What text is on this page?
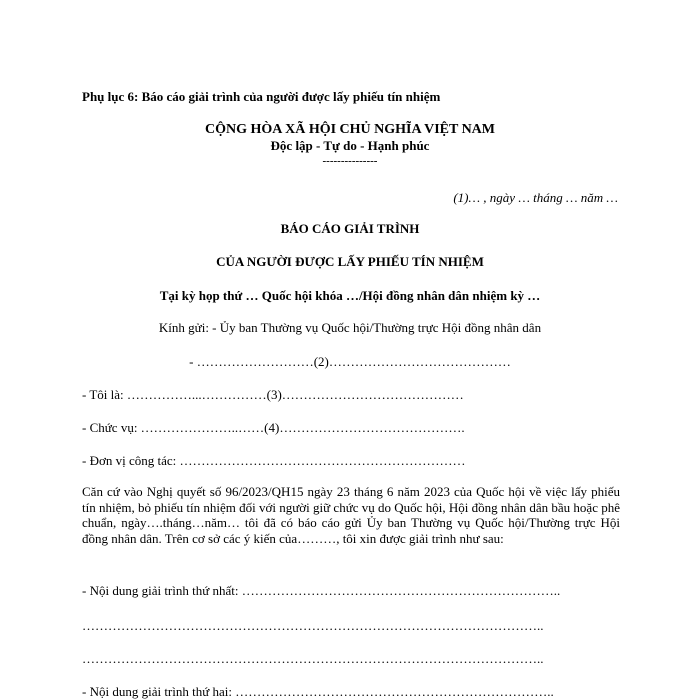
Phụ lục 6: Báo cáo giải trình của người được lấy phiếu tín nhiệm
CỘNG HÒA XÃ HỘI CHỦ NGHĨA VIỆT NAM
Độc lập - Tự do - Hạnh phúc
---------------
(1)… , ngày … tháng … năm …
BÁO CÁO GIẢI TRÌNH
CỦA NGƯỜI ĐƯỢC LẤY PHIẾU TÍN NHIỆM
Tại kỳ họp thứ … Quốc hội khóa …/Hội đồng nhân dân nhiệm kỳ …
Kính gửi: - Ủy ban Thường vụ Quốc hội/Thường trực Hội đồng nhân dân
- ………………………(2)……………………………………
- Tôi là: ……………...……………(3)……………………………………
- Chức vụ: …………………..……(4)…………………………………….
- Đơn vị công tác: …………………………………………………………
Căn cứ vào Nghị quyết số 96/2023/QH15 ngày 23 tháng 6 năm 2023 của Quốc hội về việc lấy phiếu tín nhiệm, bỏ phiếu tín nhiệm đối với người giữ chức vụ do Quốc hội, Hội đồng nhân dân bầu hoặc phê chuẩn, ngày….tháng…năm… tôi đã có báo cáo gửi Ủy ban Thường vụ Quốc hội/Thường trực Hội đồng nhân dân. Trên cơ sở các ý kiến của………, tôi xin được giải trình như sau:
- Nội dung giải trình thứ nhất: ………………………………………………………………..
……………………………………………………………………………………………..
……………………………………………………………………………………………..
- Nội dung giải trình thứ hai: ………………………………………………………………..
